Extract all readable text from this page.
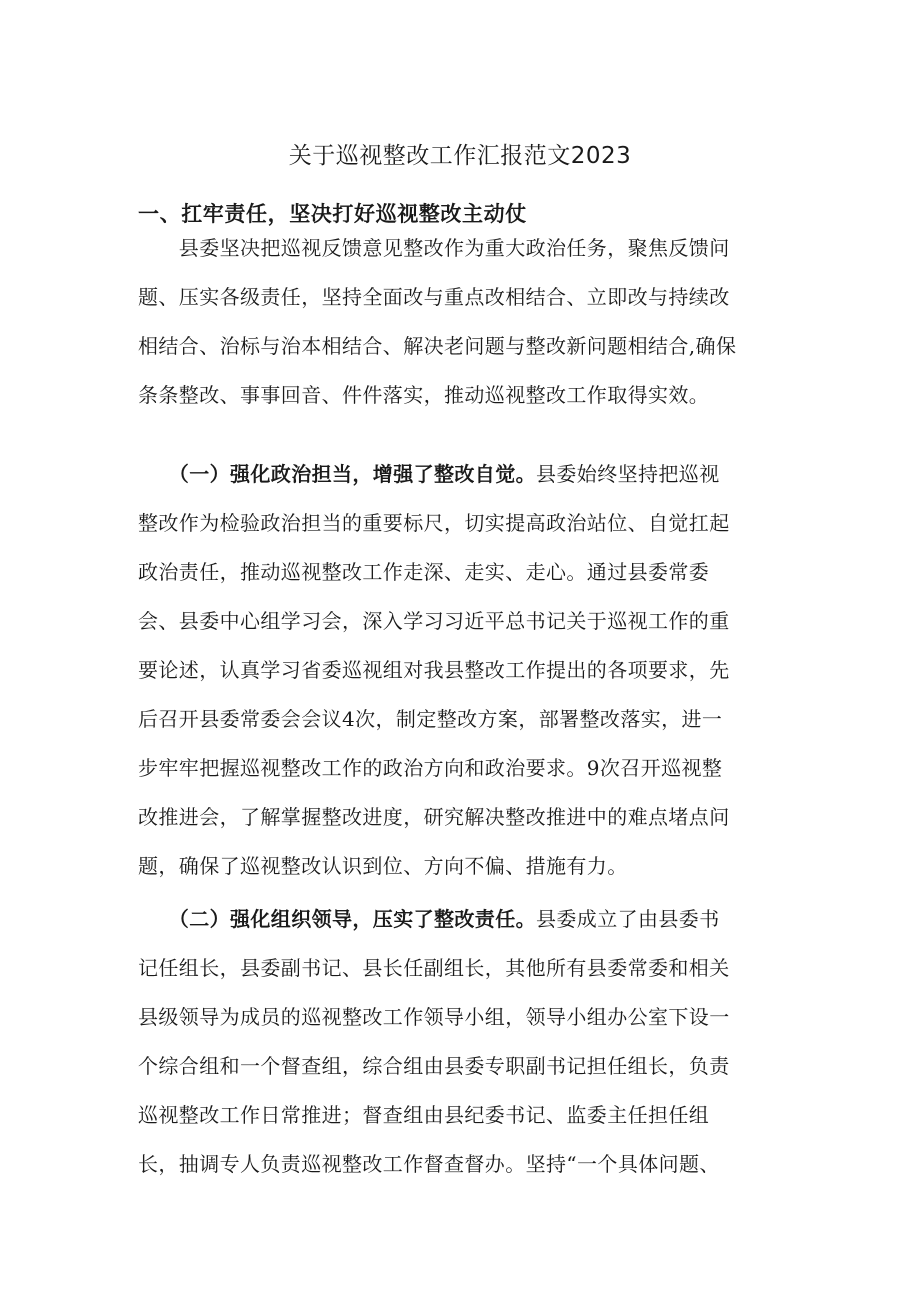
关于巡视整改工作汇报范文2023
一、扛牢责任，坚决打好巡视整改主动仗
　　县委坚决把巡视反馈意见整改作为重大政治任务，聚焦反馈问
题、压实各级责任，坚持全面改与重点改相结合、立即改与持续改
相结合、治标与治本相结合、解决老问题与整改新问题相结合,确保
条条整改、事事回音、件件落实，推动巡视整改工作取得实效。
　　（一）强化政治担当，增强了整改自觉。县委始终坚持把巡视
整改作为检验政治担当的重要标尺，切实提高政治站位、自觉扛起
政治责任，推动巡视整改工作走深、走实、走心。通过县委常委
会、县委中心组学习会，深入学习习近平总书记关于巡视工作的重
要论述，认真学习省委巡视组对我县整改工作提出的各项要求，先
后召开县委常委会会议4次，制定整改方案，部署整改落实，进一
步牢牢把握巡视整改工作的政治方向和政治要求。9次召开巡视整
改推进会，了解掌握整改进度，研究解决整改推进中的难点堵点问
题，确保了巡视整改认识到位、方向不偏、措施有力。
　　（二）强化组织领导，压实了整改责任。县委成立了由县委书
记任组长，县委副书记、县长任副组长，其他所有县委常委和相关
县级领导为成员的巡视整改工作领导小组，领导小组办公室下设一
个综合组和一个督查组，综合组由县委专职副书记担任组长，负责
巡视整改工作日常推进；督查组由县纪委书记、监委主任担任组
长，抽调专人负责巡视整改工作督查督办。坚持“一个具体问题、
